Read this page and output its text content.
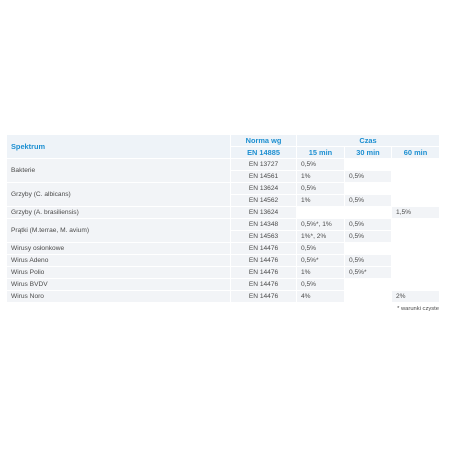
Spektrum	Norma wg	Czas		
	EN 14885			
		15 min	30 min	60 min
Bakterie	EN 13727	0,5%		
	EN 14561	1%	0,5%	
Grzyby (C. albicans)	EN 13624	0,5%		
	EN 14562	1%	0,5%	
Grzyby (A. brasiliensis)	EN 13624			1,5%
Prątki (M.terrae, M. avium)	EN 14348	0,5%*, 1%	0,5%	
	EN 14563	1%*, 2%	0,5%	
Wirusy osłonkowe	EN 14476	0,5%		
Wirus Adeno	EN 14476	0,5%*	0,5%	
Wirus Polio	EN 14476	1%	0,5%*	
Wirus BVDV	EN 14476	0,5%		
Wirus Noro	EN 14476	4%		2%
* warunki czyste
